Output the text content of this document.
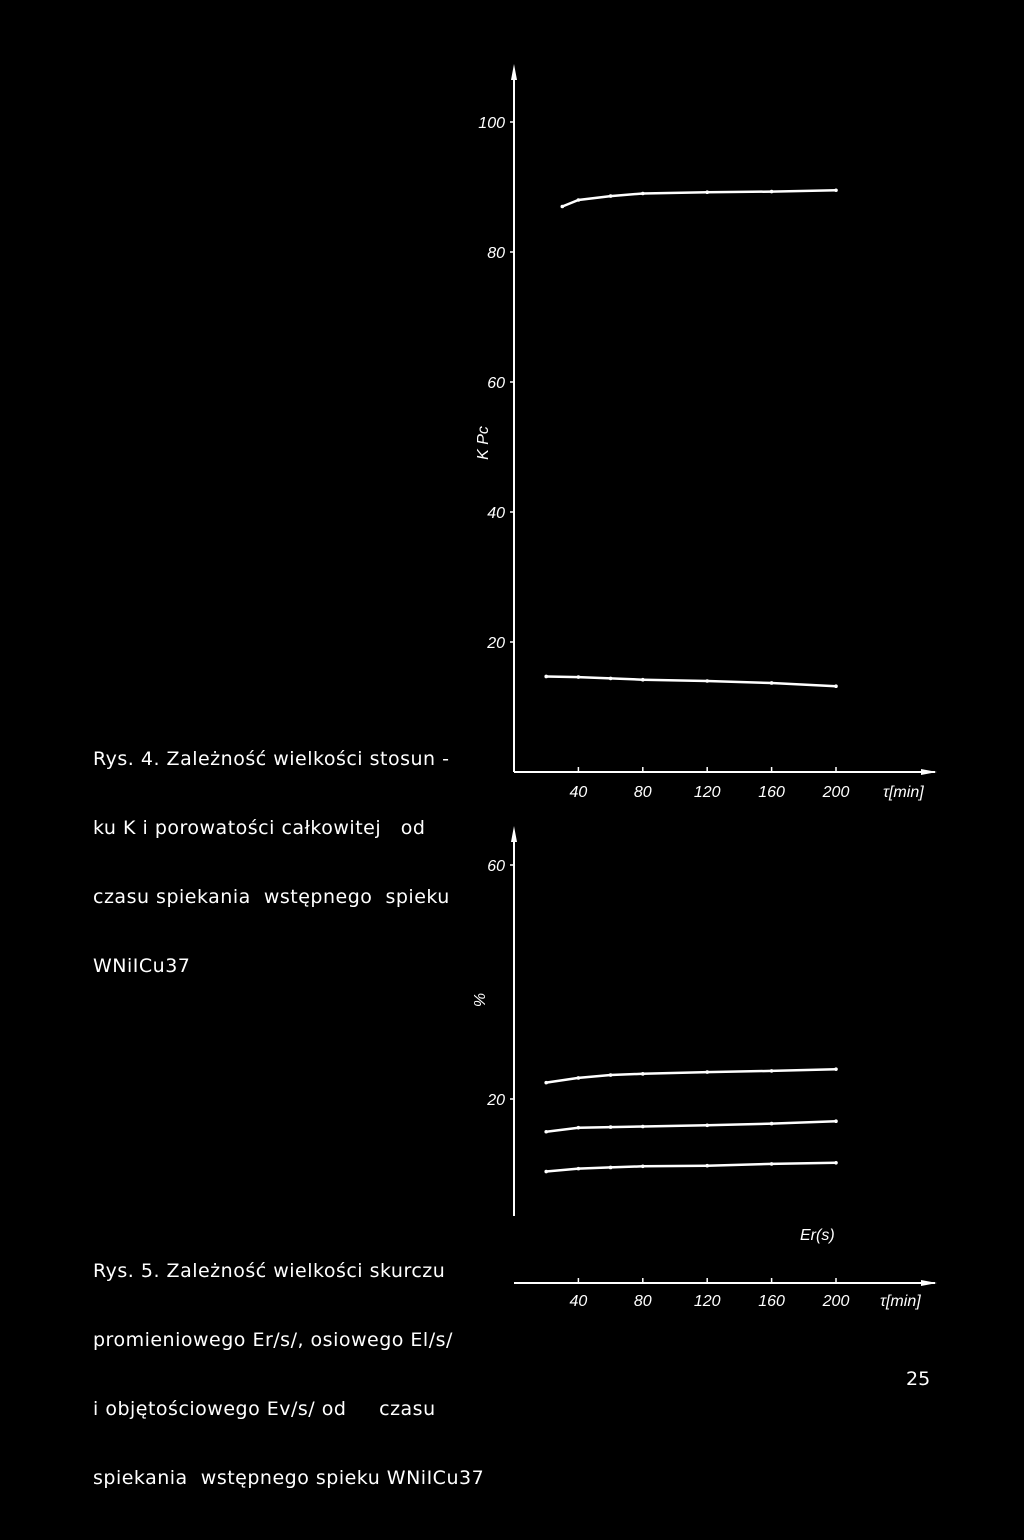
Rys. 4. Zależność wielkości stosun -

ku K i porowatości całkowitej   od

czasu spiekania  wstępnego  spieku

WNiICu37

Rys. 5. Zależność wielkości skurczu

promieniowego Er/s/, osiowego El/s/

i objętościowego Ev/s/ od     czasu

spiekania  wstępnego spieku WNiICu37

20
40
60
80
100
40	80	120 160 200 τ[min]
K Pc
20
60
40	80	120 160 200 τ[min]
%
Er(s)
25
